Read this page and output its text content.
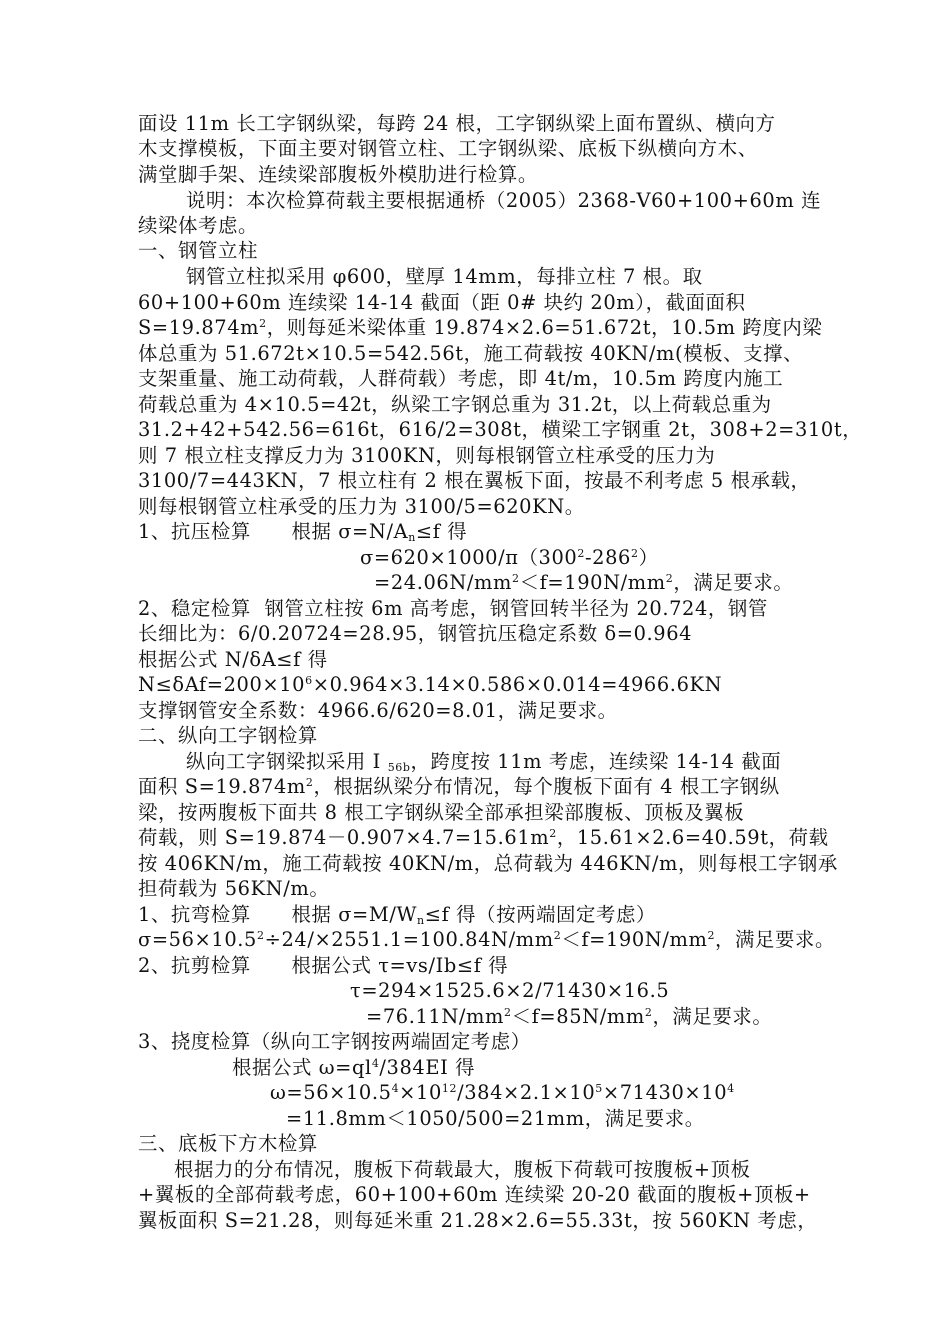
面设 11m 长工字钢纵梁，每跨 24 根，工字钢纵梁上面布置纵、横向方
木支撑模板，下面主要对钢管立柱、工字钢纵梁、底板下纵横向方木、
满堂脚手架、连续梁部腹板外模肋进行检算。
说明：本次检算荷载主要根据通桥（2005）2368-V60+100+60m 连
续梁体考虑。
一、钢管立柱
钢管立柱拟采用 φ600，壁厚 14mm，每排立柱 7 根。取
60+100+60m 连续梁 14-14 截面（距 0# 块约 20m），截面面积
$S=19.874m^2$，则每延米梁体重 19.874×2.6=51.672t，10.5m 跨度内梁
体总重为 51.672t×10.5=542.56t，施工荷载按 40KN/m(模板、支撑、
支架重量、施工动荷载，人群荷载）考虑，即 4t/m，10.5m 跨度内施工
荷载总重为 4×10.5=42t，纵梁工字钢总重为 31.2t，以上荷载总重为
31.2+42+542.56=616t，616/2=308t，横梁工字钢重 2t，308+2=310t，
则 7 根立柱支撑反力为 3100KN，则每根钢管立柱承受的压力为
3100/7=443KN，7 根立柱有 2 根在翼板下面，按最不利考虑 5 根承载，
则每根钢管立柱承受的压力为 3100/5=620KN。
1、抗压检算      根据 $\sigma=N/A_n\le f$ 得
$\sigma=620\times 1000/\pi(300^2-286^2)$
$=24.06N/mm^2<f=190N/mm^2$，满足要求。
2、稳定检算  钢管立柱按 6m 高考虑，钢管回转半径为 20.724，钢管
长细比为：6/0.20724=28.95，钢管抗压稳定系数 δ=0.964
根据公式 N/δA≤f 得
$N\le\delta Af=200\times 10^6\times 0.964\times 3.14\times 0.586\times 0.014=4966.6KN$
支撑钢管安全系数：4966.6/620=8.01，满足要求。
二、纵向工字钢检算
纵向工字钢梁拟采用 I $_{56b}$，跨度按 11m 考虑，连续梁 14-14 截面
面积 $S=19.874m^2$，根据纵梁分布情况，每个腹板下面有 4 根工字钢纵
梁，按两腹板下面共 8 根工字钢纵梁全部承担梁部腹板、顶板及翼板
荷载，则 $S=19.874-0.907\times 4.7=15.61m^2$，15.61×2.6=40.59t，荷载
按 406KN/m，施工荷载按 40KN/m，总荷载为 446KN/m，则每根工字钢承
担荷载为 56KN/m。
1、抗弯检算      根据 $\sigma=M/W_n\le f$ 得（按两端固定考虑）
$\sigma=56\times 10.5^2\div 24/\times 2551.1=100.84N/mm^2<f=190N/mm^2$，满足要求。
2、抗剪检算      根据公式 τ=vs/Ib≤f 得
τ=294×1525.6×2/71430×16.5
$=76.11N/mm^2<f=85N/mm^2$，满足要求。
3、挠度检算（纵向工字钢按两端固定考虑）
根据公式 $\omega=ql^4/384EI$ 得
$\omega=56\times 10.5^4\times 10^{12}/384\times 2.1\times 10^5\times 71430\times 10^4$
=11.8mm＜1050/500=21mm，满足要求。
三、底板下方木检算
根据力的分布情况，腹板下荷载最大，腹板下荷载可按腹板+顶板
+翼板的全部荷载考虑，60+100+60m 连续梁 20-20 截面的腹板+顶板+
翼板面积 S=21.28，则每延米重 21.28×2.6=55.33t，按 560KN 考虑，
